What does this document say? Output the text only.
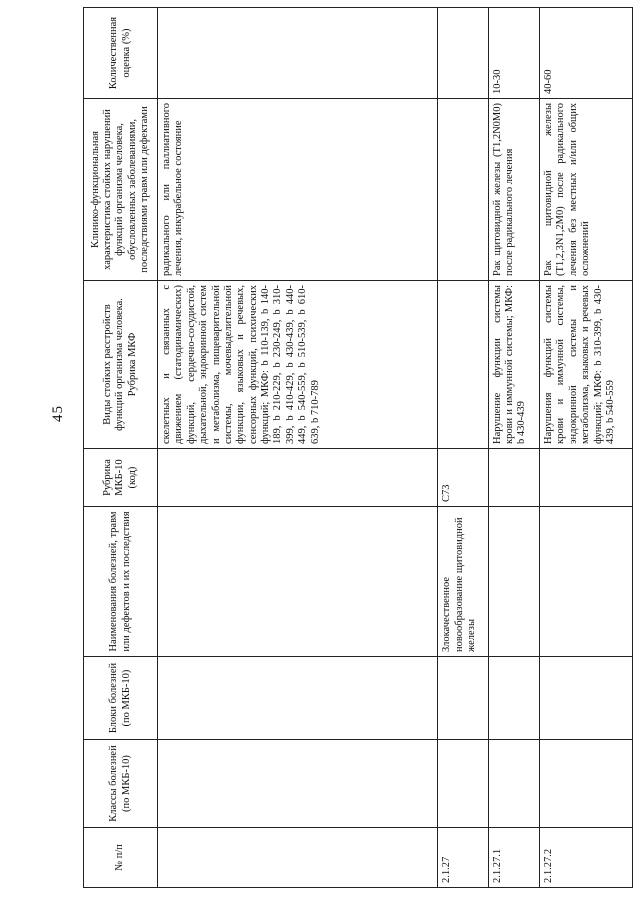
45
№ п/п	Классы болезней (по МКБ-10)	Блоки болезней (по МКБ-10)	Наименования болезней, травм или дефектов и их последствия	Рубрика МКБ-10 (код)	Виды стойких расстройств функций организма человека. Рубрика МКФ	Клинико-функциональная характеристика стойких нарушений функций организма человека, обусловленных заболеваниями, последствиями травм или дефектами	Количественная оценка (%)
					скелетных и связанных с движением (статодинамических) функций, сердечно-сосудистой, дыхательной, эндокринной систем и метаболизма, пищеварительной системы, мочевыделительной функции, языковых и речевых, сенсорных функций, психических функций; МКФ: b 110-139, b 140-189, b 210-229, b 230-249, b 310-399, b 410-429, b 430-439, b 440-449, b 540-559, b 510-539, b 610-639, b 710-789	радикального или паллиативного лечения, инкурабельное состояние	
2.1.27			Злокачественное новообразование щитовидной железы	C73			
2.1.27.1					Нарушение функции системы крови и иммунной системы; МКФ: b 430-439	Рак щитовидной железы (T1,2N0M0) после радикального лечения	10-30
2.1.27.2					Нарушения функций системы крови и иммунной системы, эндокринной системы и метаболизма, языковых и речевых функций; МКФ: b 310-399, b 430-439, b 540-559	Рак щитовидной железы (T1,2,3N1,2M0) после радикального лечения без местных и/или общих осложнений	40-60
